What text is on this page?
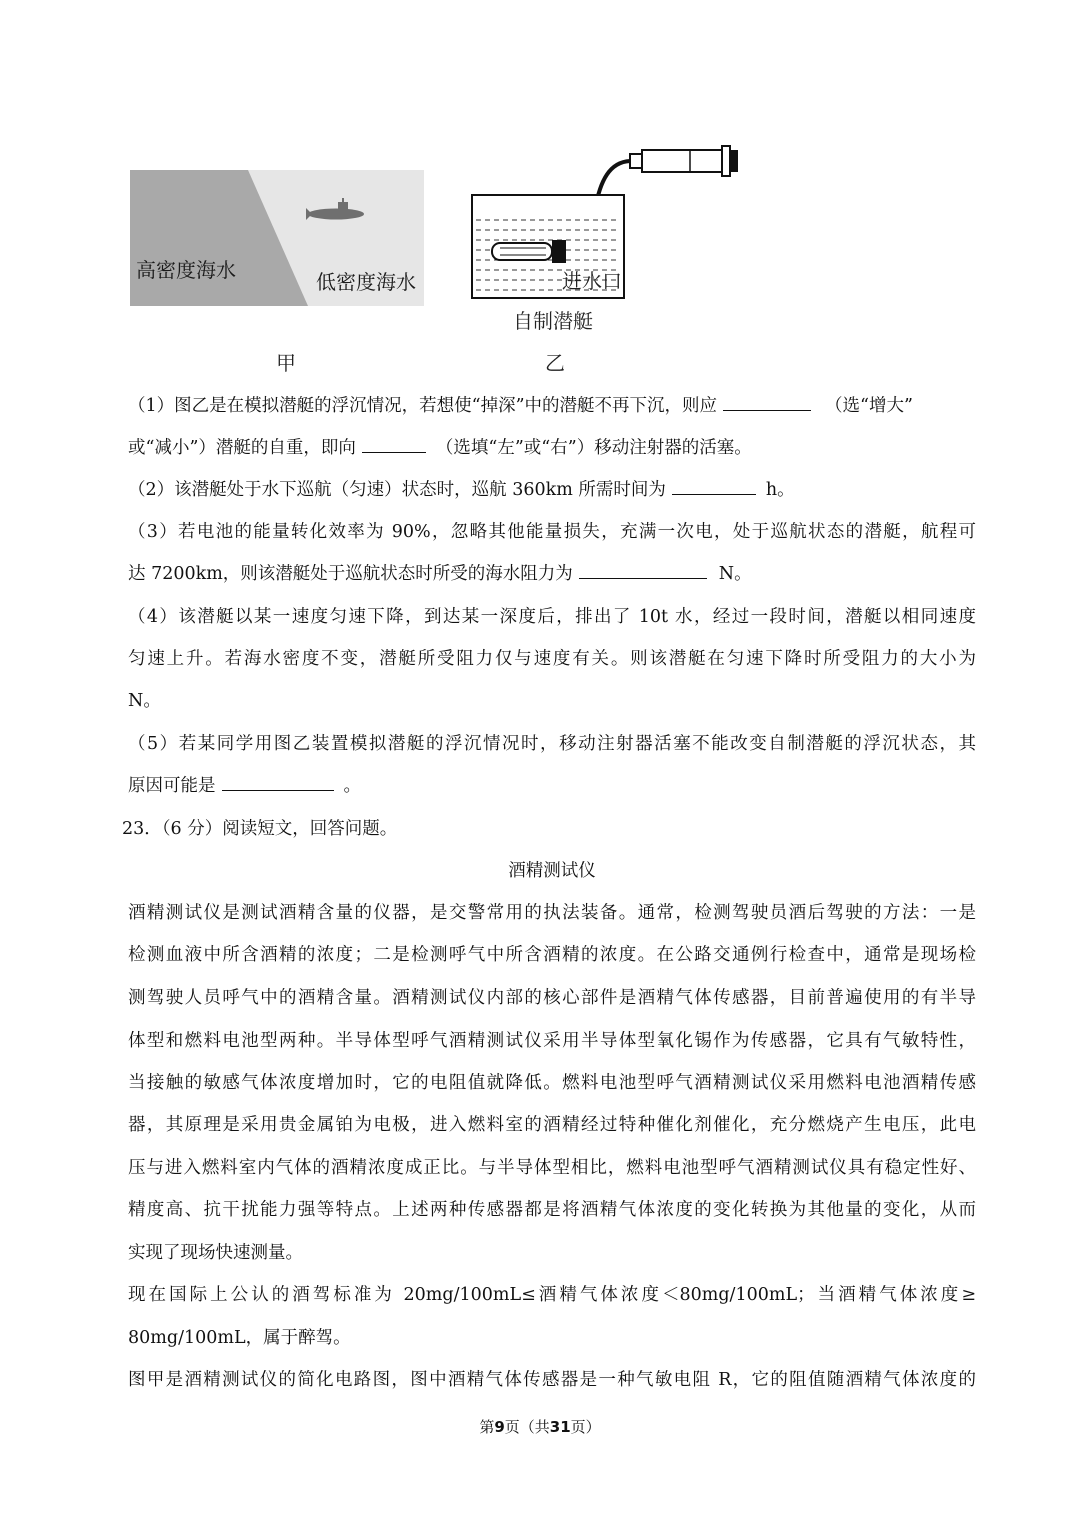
高密度海水	低密度海水
甲
进水口
自制潜艇
乙
（1）图乙是在模拟潜艇的浮沉情况，若想使“掉深”中的潜艇不再下沉，则应	（选“增大”
或“减小”）潜艇的自重，即向	（选填“左”或“右”）移动注射器的活塞。
（2）该潜艇处于水下巡航（匀速）状态时，巡航 360km 所需时间为	h。
（3）若电池的能量转化效率为 90%，忽略其他能量损失，充满一次电，处于巡航状态的潜艇，航程可
达 7200km，则该潜艇处于巡航状态时所受的海水阻力为	N。
（4）该潜艇以某一速度匀速下降，到达某一深度后，排出了 10t 水，经过一段时间，潜艇以相同速度
匀速上升。若海水密度不变，潜艇所受阻力仅与速度有关。则该潜艇在匀速下降时所受阻力的大小为
N。
（5）若某同学用图乙装置模拟潜艇的浮沉情况时，移动注射器活塞不能改变自制潜艇的浮沉状态，其
原因可能是	。
23．（6 分）阅读短文，回答问题。
酒精测试仪
酒精测试仪是测试酒精含量的仪器，是交警常用的执法装备。通常，检测驾驶员酒后驾驶的方法：一是
检测血液中所含酒精的浓度；二是检测呼气中所含酒精的浓度。在公路交通例行检查中，通常是现场检
测驾驶人员呼气中的酒精含量。酒精测试仪内部的核心部件是酒精气体传感器，目前普遍使用的有半导
体型和燃料电池型两种。半导体型呼气酒精测试仪采用半导体型氧化锡作为传感器，它具有气敏特性，
当接触的敏感气体浓度增加时，它的电阻值就降低。燃料电池型呼气酒精测试仪采用燃料电池酒精传感
器，其原理是采用贵金属铂为电极，进入燃料室的酒精经过特种催化剂催化，充分燃烧产生电压，此电
压与进入燃料室内气体的酒精浓度成正比。与半导体型相比，燃料电池型呼气酒精测试仪具有稳定性好、
精度高、抗干扰能力强等特点。上述两种传感器都是将酒精气体浓度的变化转换为其他量的变化，从而
实现了现场快速测量。
现在国际上公认的酒驾标准为 20mg/100mL≤酒精气体浓度＜80mg/100mL；当酒精气体浓度≥
80mg/100mL，属于醉驾。
图甲是酒精测试仪的简化电路图，图中酒精气体传感器是一种气敏电阻 R，它的阻值随酒精气体浓度的
第9页（共31页）
